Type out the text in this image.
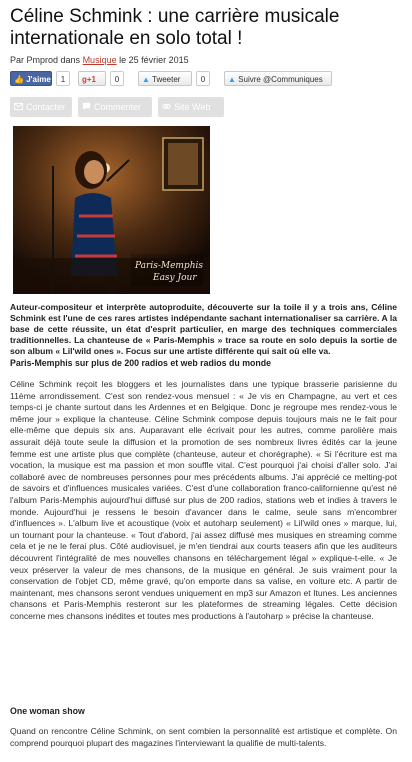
Céline Schmink : une carrière musicale internationale en solo total !
Par Pmprod dans Musique le 25 février 2015
👍 J'aime	1	g+1	0	▲ Tweeter	0	▲ Suivre @Communiques
Contacter	Commenter	Site Web
Paris-Memphis
Easy Jour

Auteur-compositeur et interprète autoproduite, découverte sur la toile il y a trois ans, Céline Schmink est l'une de ces rares artistes indépendante sachant internationaliser sa carrière. A la base de cette réussite, un état d'esprit particulier, en marge des techniques commerciales traditionnelles. La chanteuse de « Paris-Memphis » trace sa route en solo depuis la sortie de son album « Lil'wild ones ». Focus sur une artiste différente qui sait où elle va.

Paris-Memphis sur plus de 200 radios et web radios du monde

Céline Schmink reçoit les bloggers et les journalistes dans une typique brasserie parisienne du 11ème arrondissement. C'est son rendez-vous mensuel : « Je vis en Champagne, au vert et ces temps-ci je chante surtout dans les Ardennes et en Belgique. Donc je regroupe mes rendez-vous le même jour » explique la chanteuse. Céline Schmink compose depuis toujours mais ne le fait pour elle-même que depuis six ans. Auparavant elle écrivait pour les autres, comme parolière mais assurait déjà toute seule la diffusion et la promotion de ses nombreux livres édités car la jeune femme est une artiste plus que complète (chanteuse, auteur et chorégraphe). « Si l'écriture est ma vocation, la musique est ma passion et mon souffle vital. C'est pourquoi j'ai choisi d'aller solo. J'ai collaboré avec de nombreuses personnes pour mes précédents albums. J'ai apprécié ce melting-pot de savoirs et d'influences musicales variées. C'est d'une collaboration franco-californienne qu'est né l'album Paris-Memphis aujourd'hui diffusé sur plus de 200 radios, stations web et indies à travers le monde. Aujourd'hui je ressens le besoin d'avancer dans le calme, seule sans m'encombrer d'influences ». L'album live et acoustique (voix et autoharp seulement) « Lil'wild ones » marque, lui, un tournant pour la chanteuse. « Tout d'abord, j'ai assez diffusé mes musiques en streaming comme cela et je ne le ferai plus. Côté audiovisuel, je m'en tiendrai aux courts teasers afin que les auditeurs découvrent l'intégralité de mes nouvelles chansons en téléchargement légal » explique-t-elle. « Je veux préserver la valeur de mes chansons, de la musique en général. Je suis vraiment pour la conservation de l'objet CD, même gravé, qu'on emporte dans sa valise, en voiture etc. A partir de maintenant, mes chansons seront vendues uniquement en mp3 sur Amazon et Itunes. Les anciennes chansons et Paris-Memphis resteront sur les plateformes de streaming légales. Cette décision concerne mes chansons inédites et toutes mes productions à l'autoharp » précise la chanteuse.

One woman show

Quand on rencontre Céline Schmink, on sent combien la personnalité est artistique et complète. On comprend pourquoi plupart des magazines l'interviewant la qualifie de multi-talents.
